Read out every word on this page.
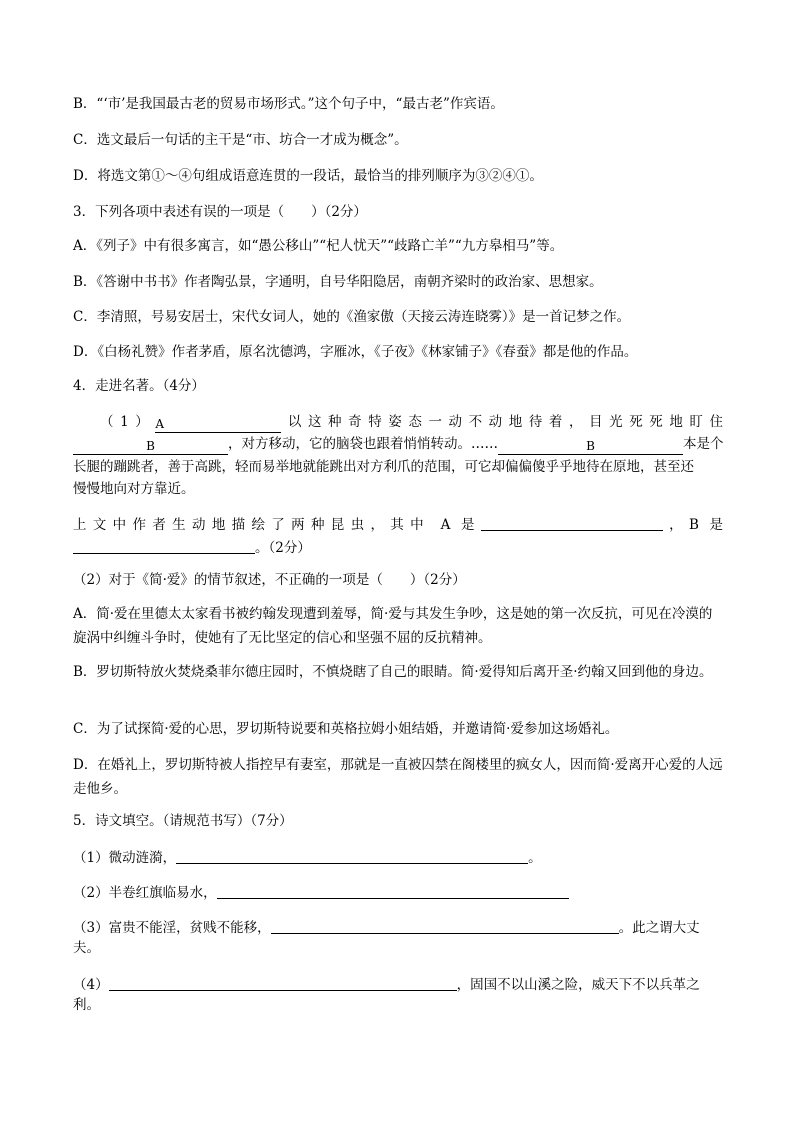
B．“‘市’是我国最古老的贸易市场形式。”这个句子中，“最古老”作宾语。
C．选文最后一句话的主干是“市、坊合一才成为概念”。
D．将选文第①～④句组成语意连贯的一段话，最恰当的排列顺序为③②④①。
3．下列各项中表述有误的一项是（　　）（2分）
A．《列子》中有很多寓言，如“愚公移山”“杞人忧天”“歧路亡羊”“九方皋相马”等。
B．《答谢中书书》作者陶弘景，字通明，自号华阳隐居，南朝齐梁时的政治家、思想家。
C．李清照，号易安居士，宋代女词人，她的《渔家傲（天接云涛连晓雾）》是一首记梦之作。
D．《白杨礼赞》作者茅盾，原名沈德鸿，字雁冰，《子夜》《林家铺子》《春蚕》都是他的作品。
4．走进名著。（4分）
（1）A	以这种奇特姿态一动不动地待着，目光死死地盯住
B	，对方移动，它的脑袋也跟着悄悄转动。……	B	本是个
长腿的蹦跳者，善于高跳，轻而易举地就能跳出对方利爪的范围，可它却偏偏傻乎乎地待在原地，甚至还
慢慢地向对方靠近。
上文中作者生动地描绘了两种昆虫，其中 A 是	，B 是
。（2分）
（2）对于《简·爱》的情节叙述，不正确的一项是（　　）（2分）
A．简·爱在里德太太家看书被约翰发现遭到羞辱，简·爱与其发生争吵，这是她的第一次反抗，可见在冷漠的旋涡中纠缠斗争时，使她有了无比坚定的信心和坚强不屈的反抗精神。
B．罗切斯特放火焚烧桑菲尔德庄园时，不慎烧瞎了自己的眼睛。简·爱得知后离开圣·约翰又回到他的身边。
C．为了试探简·爱的心思，罗切斯特说要和英格拉姆小姐结婚，并邀请简·爱参加这场婚礼。
D．在婚礼上，罗切斯特被人指控早有妻室，那就是一直被囚禁在阁楼里的疯女人，因而简·爱离开心爱的人远走他乡。
5．诗文填空。（请规范书写）（7分）
（1）微动涟漪，	。
（2）半卷红旗临易水，
（3）富贵不能淫，贫贱不能移，	。此之谓大丈
夫。
（4）	，固国不以山溪之险，威天下不以兵革之
利。
